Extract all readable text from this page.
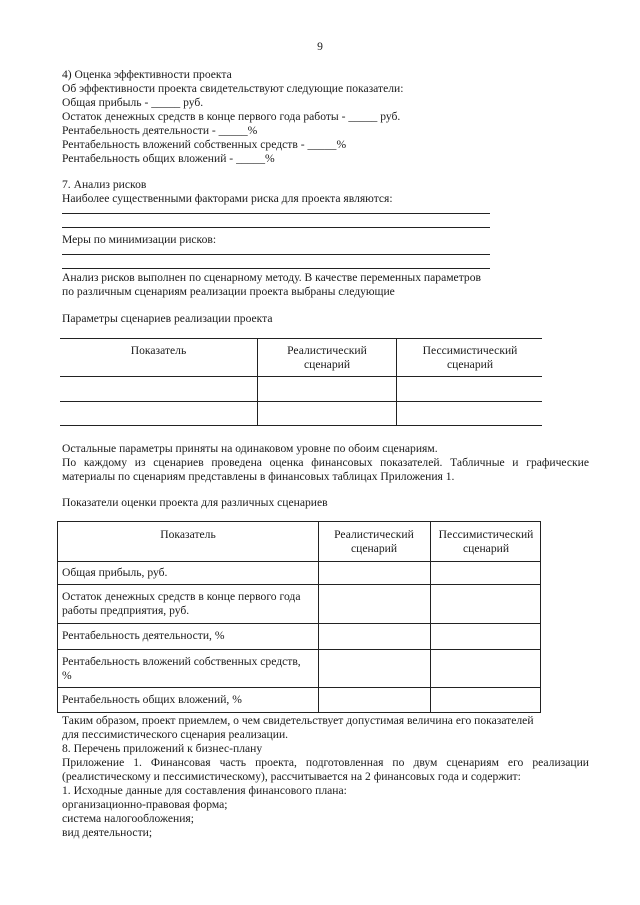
9
4) Оценка эффективности проекта
Об эффективности проекта свидетельствуют следующие показатели:
Общая прибыль - _____ руб.
Остаток денежных средств в конце первого года работы - _____ руб.
Рентабельность деятельности - _____%
Рентабельность вложений собственных средств - _____%
Рентабельность общих вложений - _____%
7. Анализ рисков
Наиболее существенными факторами риска для проекта являются:
Меры по минимизации рисков:
Анализ рисков выполнен по сценарному методу. В качестве переменных параметров
по различным сценариям реализации проекта выбраны следующие
Параметры сценариев реализации проекта
Показатель	Реалистический сценарий
Пессимистический сценарий
Остальные параметры приняты на одинаковом уровне по обоим сценариям.
По каждому из сценариев проведена оценка финансовых показателей. Табличные и графические
материалы по сценариям представлены в финансовых таблицах Приложения 1.
Показатели оценки проекта для различных сценариев
Показатель	Реалистический сценарий
Пессимистический сценарий
Общая прибыль, руб.
Остаток денежных средств в конце первого года работы предприятия, руб.
Рентабельность деятельности, %
Рентабельность вложений собственных средств, %
Рентабельность общих вложений, %
Таким образом, проект приемлем, о чем свидетельствует допустимая величина его показателей
для пессимистического сценария реализации.
8. Перечень приложений к бизнес-плану
Приложение 1. Финансовая часть проекта, подготовленная по двум сценариям его реализации
(реалистическому и пессимистическому), рассчитывается на 2 финансовых года и содержит:
1. Исходные данные для составления финансового плана:
организационно-правовая форма;
система налогообложения;
вид деятельности;
